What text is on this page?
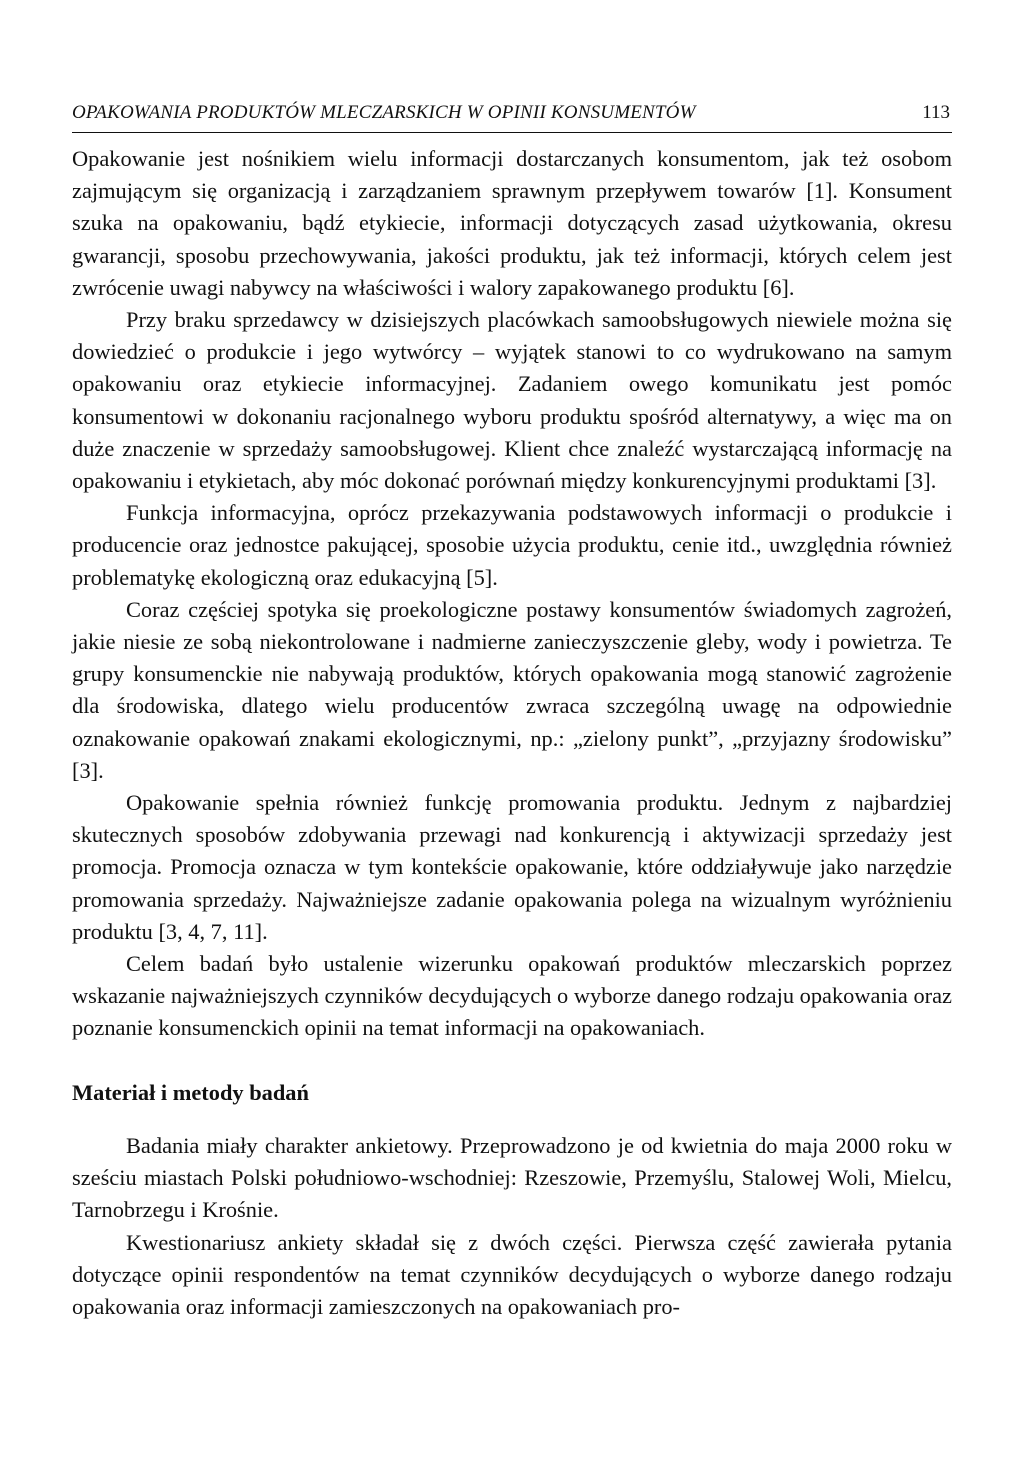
OPAKOWANIA PRODUKTÓW MLECZARSKICH W OPINII KONSUMENTÓW	113

Opakowanie jest nośnikiem wielu informacji dostarczanych konsumentom, jak też osobom zajmującym się organizacją i zarządzaniem sprawnym przepływem towarów [1]. Konsument szuka na opakowaniu, bądź etykiecie, informacji dotyczących zasad użytkowania, okresu gwarancji, sposobu przechowywania, jakości produktu, jak też informacji, których celem jest zwrócenie uwagi nabywcy na właściwości i walory zapakowanego produktu [6].

Przy braku sprzedawcy w dzisiejszych placówkach samoobsługowych niewiele można się dowiedzieć o produkcie i jego wytwórcy – wyjątek stanowi to co wydrukowano na samym opakowaniu oraz etykiecie informacyjnej. Zadaniem owego komunikatu jest pomóc konsumentowi w dokonaniu racjonalnego wyboru produktu spośród alternatywy, a więc ma on duże znaczenie w sprzedaży samoobsługowej. Klient chce znaleźć wystarczającą informację na opakowaniu i etykietach, aby móc dokonać porównań między konkurencyjnymi produktami [3].

Funkcja informacyjna, oprócz przekazywania podstawowych informacji o produkcie i producencie oraz jednostce pakującej, sposobie użycia produktu, cenie itd., uwzględnia również problematykę ekologiczną oraz edukacyjną [5].

Coraz częściej spotyka się proekologiczne postawy konsumentów świadomych zagrożeń, jakie niesie ze sobą niekontrolowane i nadmierne zanieczyszczenie gleby, wody i powietrza. Te grupy konsumenckie nie nabywają produktów, których opakowania mogą stanowić zagrożenie dla środowiska, dlatego wielu producentów zwraca szczególną uwagę na odpowiednie oznakowanie opakowań znakami ekologicznymi, np.: „zielony punkt”, „przyjazny środowisku” [3].

Opakowanie spełnia również funkcję promowania produktu. Jednym z najbardziej skutecznych sposobów zdobywania przewagi nad konkurencją i aktywizacji sprzedaży jest promocja. Promocja oznacza w tym kontekście opakowanie, które oddziaływuje jako narzędzie promowania sprzedaży. Najważniejsze zadanie opakowania polega na wizualnym wyróżnieniu produktu [3, 4, 7, 11].

Celem badań było ustalenie wizerunku opakowań produktów mleczarskich poprzez wskazanie najważniejszych czynników decydujących o wyborze danego rodzaju opakowania oraz poznanie konsumenckich opinii na temat informacji na opakowaniach.

Materiał i metody badań

Badania miały charakter ankietowy. Przeprowadzono je od kwietnia do maja 2000 roku w sześciu miastach Polski południowo-wschodniej: Rzeszowie, Przemyślu, Stalowej Woli, Mielcu, Tarnobrzegu i Krośnie.

Kwestionariusz ankiety składał się z dwóch części. Pierwsza część zawierała pytania dotyczące opinii respondentów na temat czynników decydujących o wyborze danego rodzaju opakowania oraz informacji zamieszczonych na opakowaniach pro-
